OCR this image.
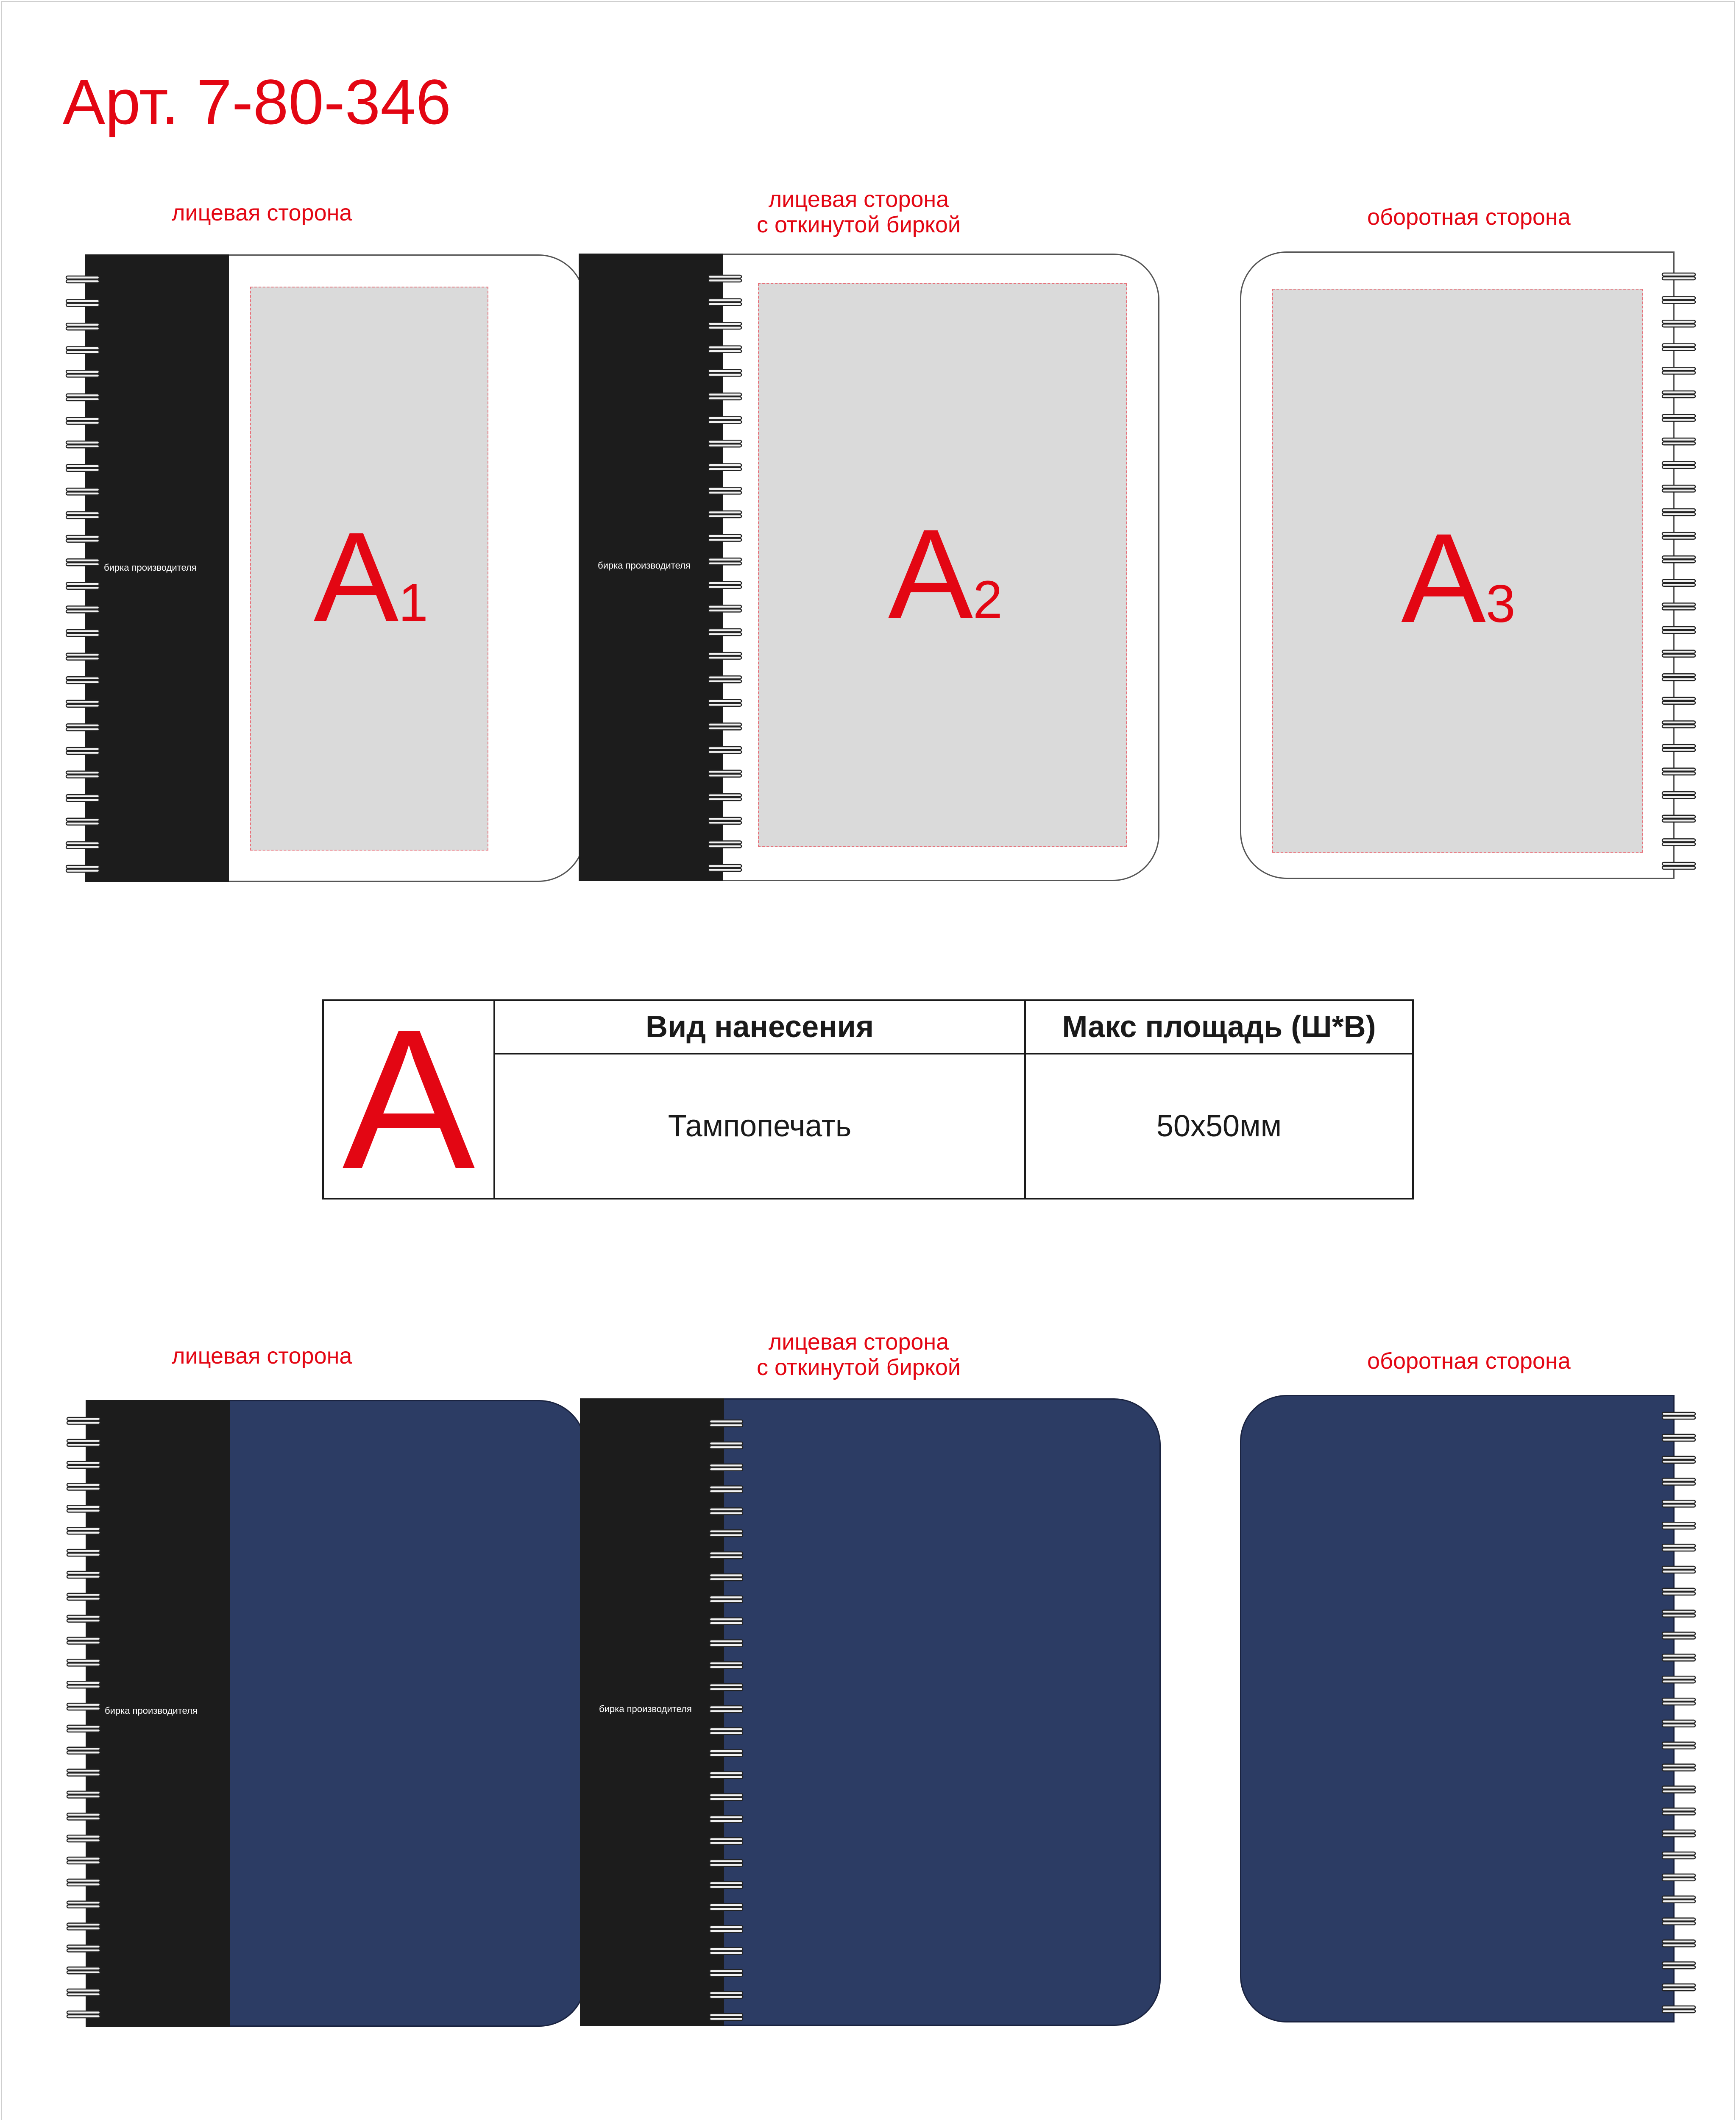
Арт. 7-80-346
лицевая сторона
лицевая сторона
с откинутой биркой	оборотная сторона
бирка производителя A1
бирка производителя A2	A3
A	Вид нанесения	Макс площадь (Ш*В)
Тампопечать	50х50мм
лицевая сторона
лицевая сторона
с откинутой биркой	оборотная сторона
бирка производителя	бирка производителя
